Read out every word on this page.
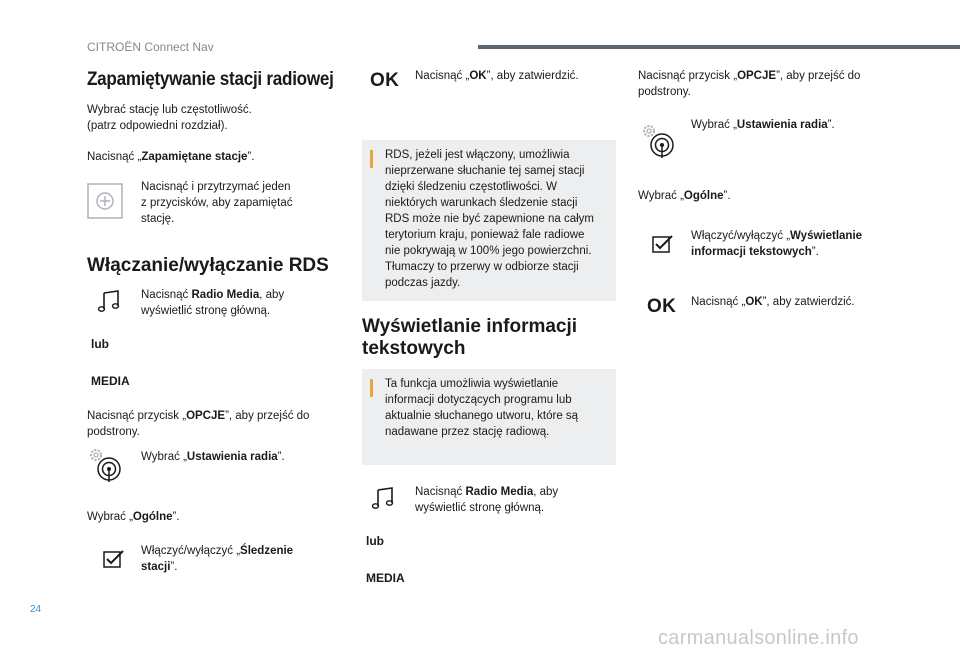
CITROËN Connect Nav
Zapamiętywanie stacji radiowej
Wybrać stację lub częstotliwość.
(patrz odpowiedni rozdział).
Nacisnąć „Zapamiętane stacje”.
Nacisnąć i przytrzymać jeden
z przycisków, aby zapamiętać
stację.
Włączanie/wyłączanie RDS
Nacisnąć Radio Media, aby
wyświetlić stronę główną.
lub
MEDIA
Nacisnąć przycisk „OPCJE”, aby przejść do
podstrony.
Wybrać „Ustawienia radia”.
Wybrać „Ogólne”.
Włączyć/wyłączyć „Śledzenie
stacji”.
OK Nacisnąć „OK”, aby zatwierdzić.
RDS, jeżeli jest włączony, umożliwia
nieprzerwane słuchanie tej samej stacji
dzięki śledzeniu częstotliwości. W
niektórych warunkach śledzenie stacji
RDS może nie być zapewnione na całym
terytorium kraju, ponieważ fale radiowe
nie pokrywają w 100% jego powierzchni.
Tłumaczy to przerwy w odbiorze stacji
podczas jazdy.
Wyświetlanie informacji tekstowych
Ta funkcja umożliwia wyświetlanie
informacji dotyczących programu lub
aktualnie słuchanego utworu, które są
nadawane przez stację radiową.
Nacisnąć Radio Media, aby
wyświetlić stronę główną.
lub
MEDIA
Nacisnąć przycisk „OPCJE”, aby przejść do
podstrony.
Wybrać „Ustawienia radia”.
Wybrać „Ogólne”.
Włączyć/wyłączyć „Wyświetlanie
informacji tekstowych”.
OK Nacisnąć „OK”, aby zatwierdzić.
24
carmanualsonline.info
